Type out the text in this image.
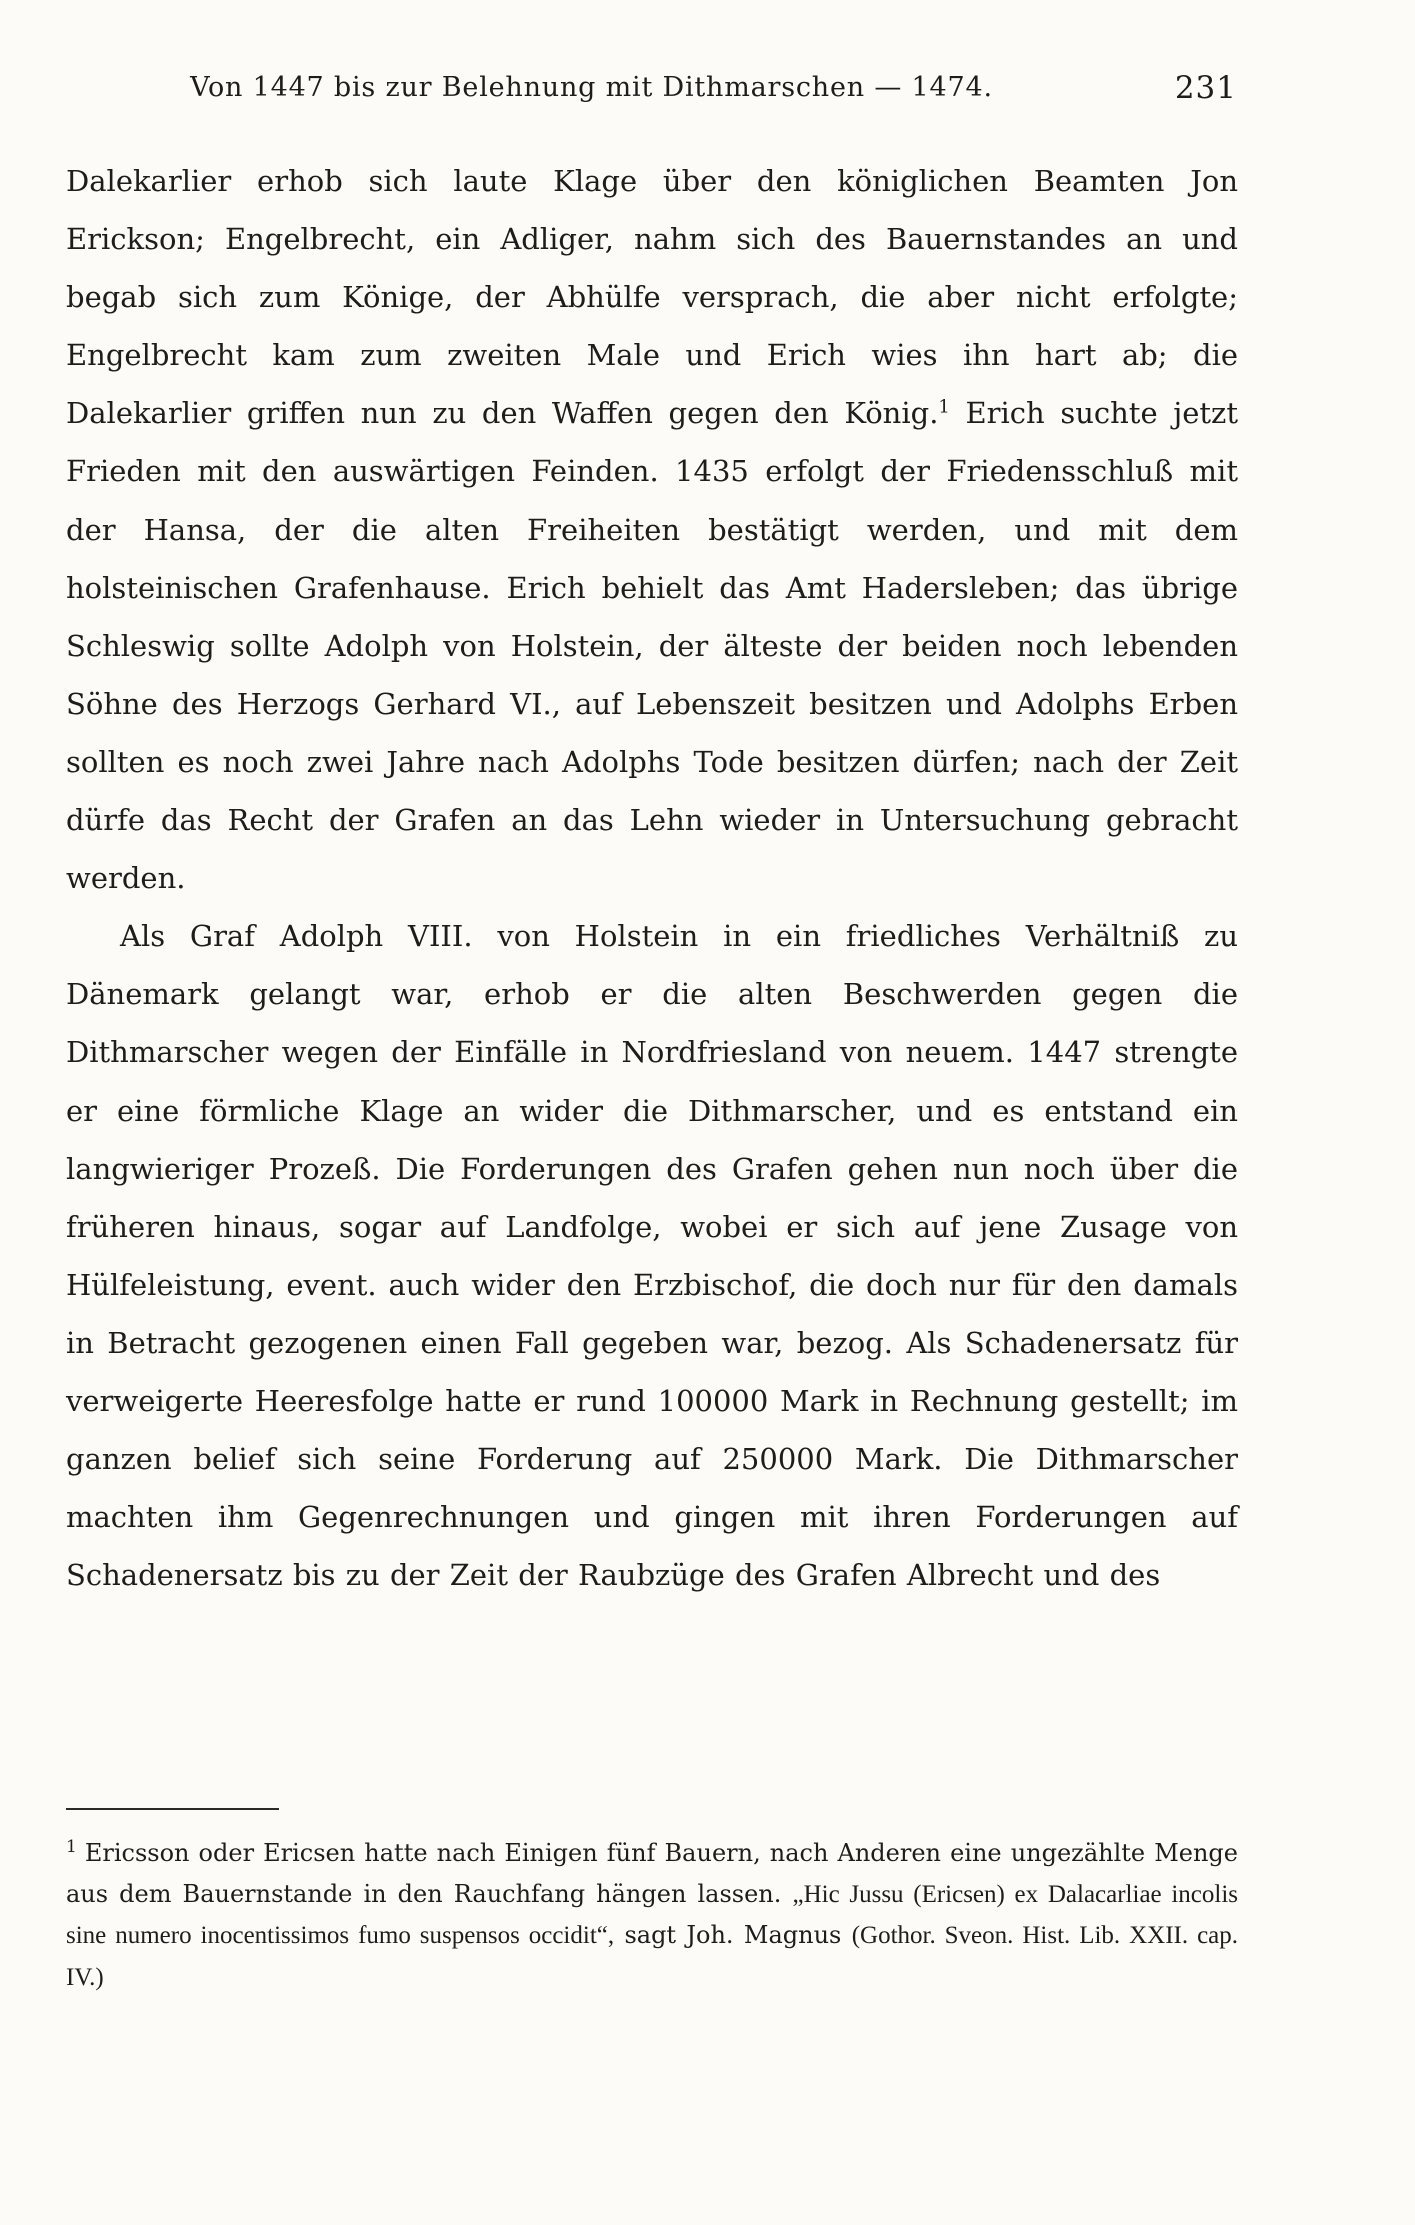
Von 1447 bis zur Belehnung mit Dithmarschen — 1474.	231

Dalekarlier erhob sich laute Klage über den königlichen Beamten Jon Erickson; Engelbrecht, ein Adliger, nahm sich des Bauernstandes an und begab sich zum Könige, der Abhülfe versprach, die aber nicht erfolgte; Engelbrecht kam zum zweiten Male und Erich wies ihn hart ab; die Dalekarlier griffen nun zu den Waffen gegen den König.$^1$ Erich suchte jetzt Frieden mit den auswärtigen Feinden. 1435 erfolgt der Friedensschluß mit der Hansa, der die alten Freiheiten bestätigt werden, und mit dem holsteinischen Grafenhause. Erich behielt das Amt Hadersleben; das übrige Schleswig sollte Adolph von Holstein, der älteste der beiden noch lebenden Söhne des Herzogs Gerhard VI., auf Lebenszeit besitzen und Adolphs Erben sollten es noch zwei Jahre nach Adolphs Tode besitzen dürfen; nach der Zeit dürfe das Recht der Grafen an das Lehn wieder in Untersuchung gebracht werden.

Als Graf Adolph VIII. von Holstein in ein friedliches Verhältniß zu Dänemark gelangt war, erhob er die alten Beschwerden gegen die Dithmarscher wegen der Einfälle in Nordfriesland von neuem. 1447 strengte er eine förmliche Klage an wider die Dithmarscher, und es entstand ein langwieriger Prozeß. Die Forderungen des Grafen gehen nun noch über die früheren hinaus, sogar auf Landfolge, wobei er sich auf jene Zusage von Hülfeleistung, event. auch wider den Erzbischof, die doch nur für den damals in Betracht gezogenen einen Fall gegeben war, bezog. Als Schadenersatz für verweigerte Heeresfolge hatte er rund 100000 Mark in Rechnung gestellt; im ganzen belief sich seine Forderung auf 250000 Mark. Die Dithmarscher machten ihm Gegenrechnungen und gingen mit ihren Forderungen auf Schadenersatz bis zu der Zeit der Raubzüge des Grafen Albrecht und des

$^1$ Ericsson oder Ericsen hatte nach Einigen fünf Bauern, nach Anderen eine ungezählte Menge aus dem Bauernstande in den Rauchfang hängen lassen. „Hic Jussu (Ericsen) ex Dalacarliae incolis sine numero inocentissimos fumo suspensos occidit“, sagt Joh. Magnus (Gothor. Sveon. Hist. Lib. XXII. cap. IV.)
